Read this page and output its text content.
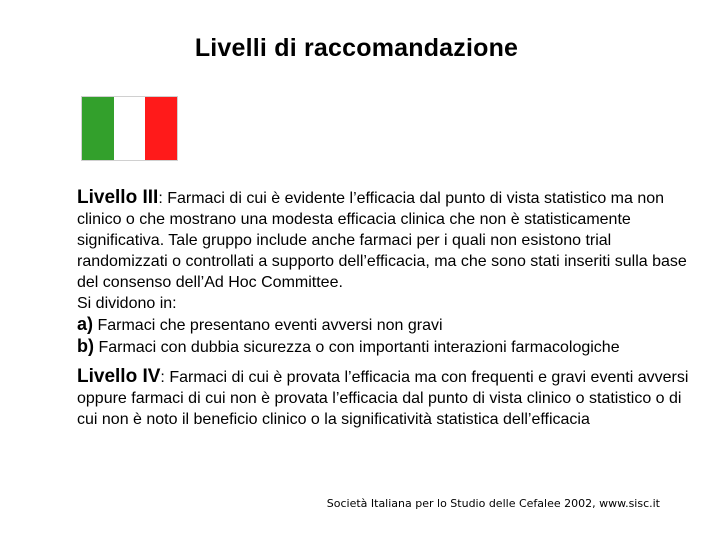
Livelli di raccomandazione

Livello III: Farmaci di cui è evidente l’efficacia dal punto di vista statistico ma non clinico o che mostrano una modesta efficacia clinica che non è statisticamente significativa. Tale gruppo include anche farmaci per i quali non esistono trial randomizzati o controllati a supporto dell’efficacia, ma che sono stati inseriti sulla base del consenso dell’Ad Hoc Committee.

Si dividono in:

a) Farmaci che presentano eventi avversi non gravi

b) Farmaci con dubbia sicurezza o con importanti interazioni farmacologiche

Livello IV: Farmaci di cui è provata l’efficacia ma con frequenti e gravi eventi avversi oppure farmaci di cui non è provata l’efficacia dal punto di vista clinico o statistico o di cui non è noto il beneficio clinico o la significatività statistica dell’efficacia

Società Italiana per lo Studio delle Cefalee 2002, www.sisc.it
